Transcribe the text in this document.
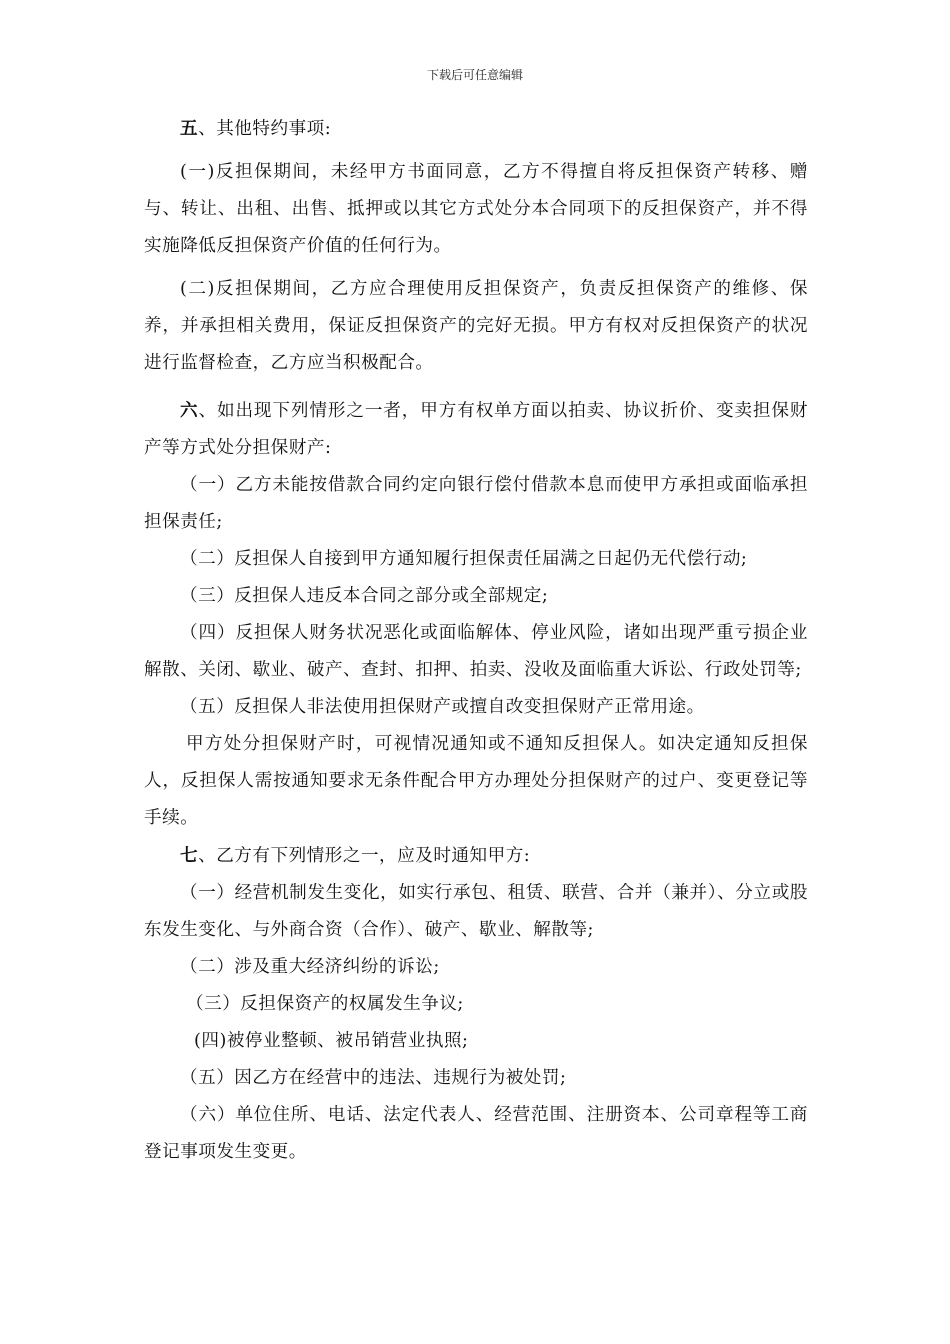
下载后可任意编辑

五、其他特约事项:

(一)反担保期间，未经甲方书面同意，乙方不得擅自将反担保资产转移、赠与、转让、出租、出售、抵押或以其它方式处分本合同项下的反担保资产，并不得实施降低反担保资产价值的任何行为。

(二)反担保期间，乙方应合理使用反担保资产，负责反担保资产的维修、保养，并承担相关费用，保证反担保资产的完好无损。甲方有权对反担保资产的状况进行监督检查，乙方应当积极配合。

六、如出现下列情形之一者，甲方有权单方面以拍卖、协议折价、变卖担保财产等方式处分担保财产:

（一）乙方未能按借款合同约定向银行偿付借款本息而使甲方承担或面临承担担保责任;

（二）反担保人自接到甲方通知履行担保责任届满之日起仍无代偿行动;

（三）反担保人违反本合同之部分或全部规定;

（四）反担保人财务状况恶化或面临解体、停业风险，诸如出现严重亏损企业解散、关闭、歇业、破产、查封、扣押、拍卖、没收及面临重大诉讼、行政处罚等;

（五）反担保人非法使用担保财产或擅自改变担保财产正常用途。

甲方处分担保财产时，可视情况通知或不通知反担保人。如决定通知反担保人，反担保人需按通知要求无条件配合甲方办理处分担保财产的过户、变更登记等手续。

七、乙方有下列情形之一，应及时通知甲方:

（一）经营机制发生变化，如实行承包、租赁、联营、合并（兼并）、分立或股东发生变化、与外商合资（合作）、破产、歇业、解散等;

（二）涉及重大经济纠纷的诉讼;

（三）反担保资产的权属发生争议;

(四)被停业整顿、被吊销营业执照;

（五）因乙方在经营中的违法、违规行为被处罚;

（六）单位住所、电话、法定代表人、经营范围、注册资本、公司章程等工商登记事项发生变更。
